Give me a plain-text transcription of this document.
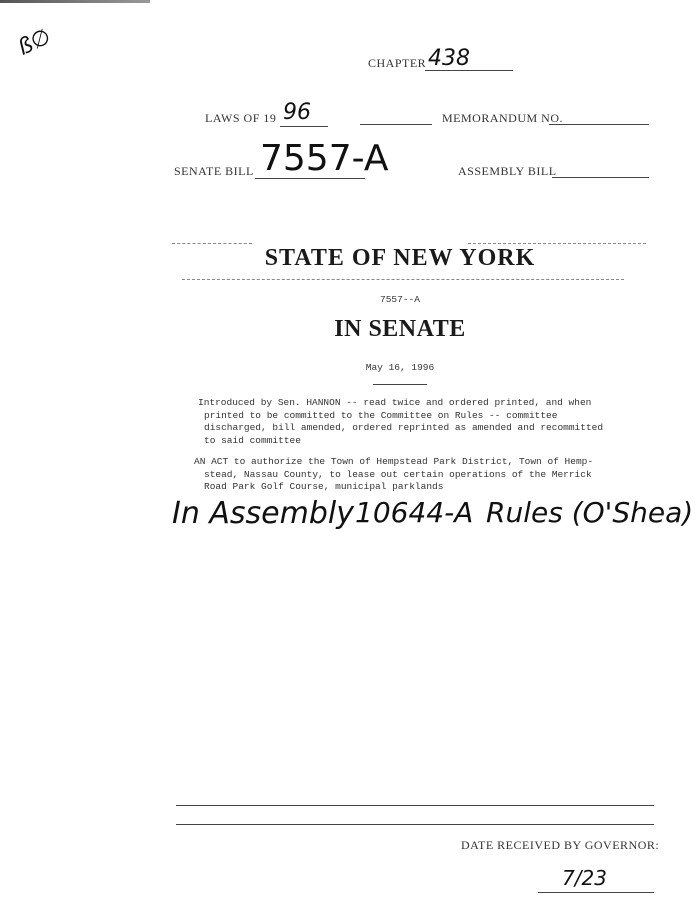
ß∅
CHAPTER 438
LAWS OF 19 96	MEMORANDUM NO.
SENATE BILL 7557-A	ASSEMBLY BILL
STATE OF NEW YORK
7557--A
IN SENATE
May 16, 1996
Introduced by Sen. HANNON -- read twice and ordered printed, and when
printed to be committed to the Committee on Rules -- committee
discharged, bill amended, ordered reprinted as amended and recommitted
to said committee
AN ACT to authorize the Town of Hempstead Park District, Town of Hemp-
stead, Nassau County, to lease out certain operations of the Merrick
Road Park Golf Course, municipal parklands
In Assembly 10644-A Rules (O'Shea)
DATE RECEIVED BY GOVERNOR:
7/23
